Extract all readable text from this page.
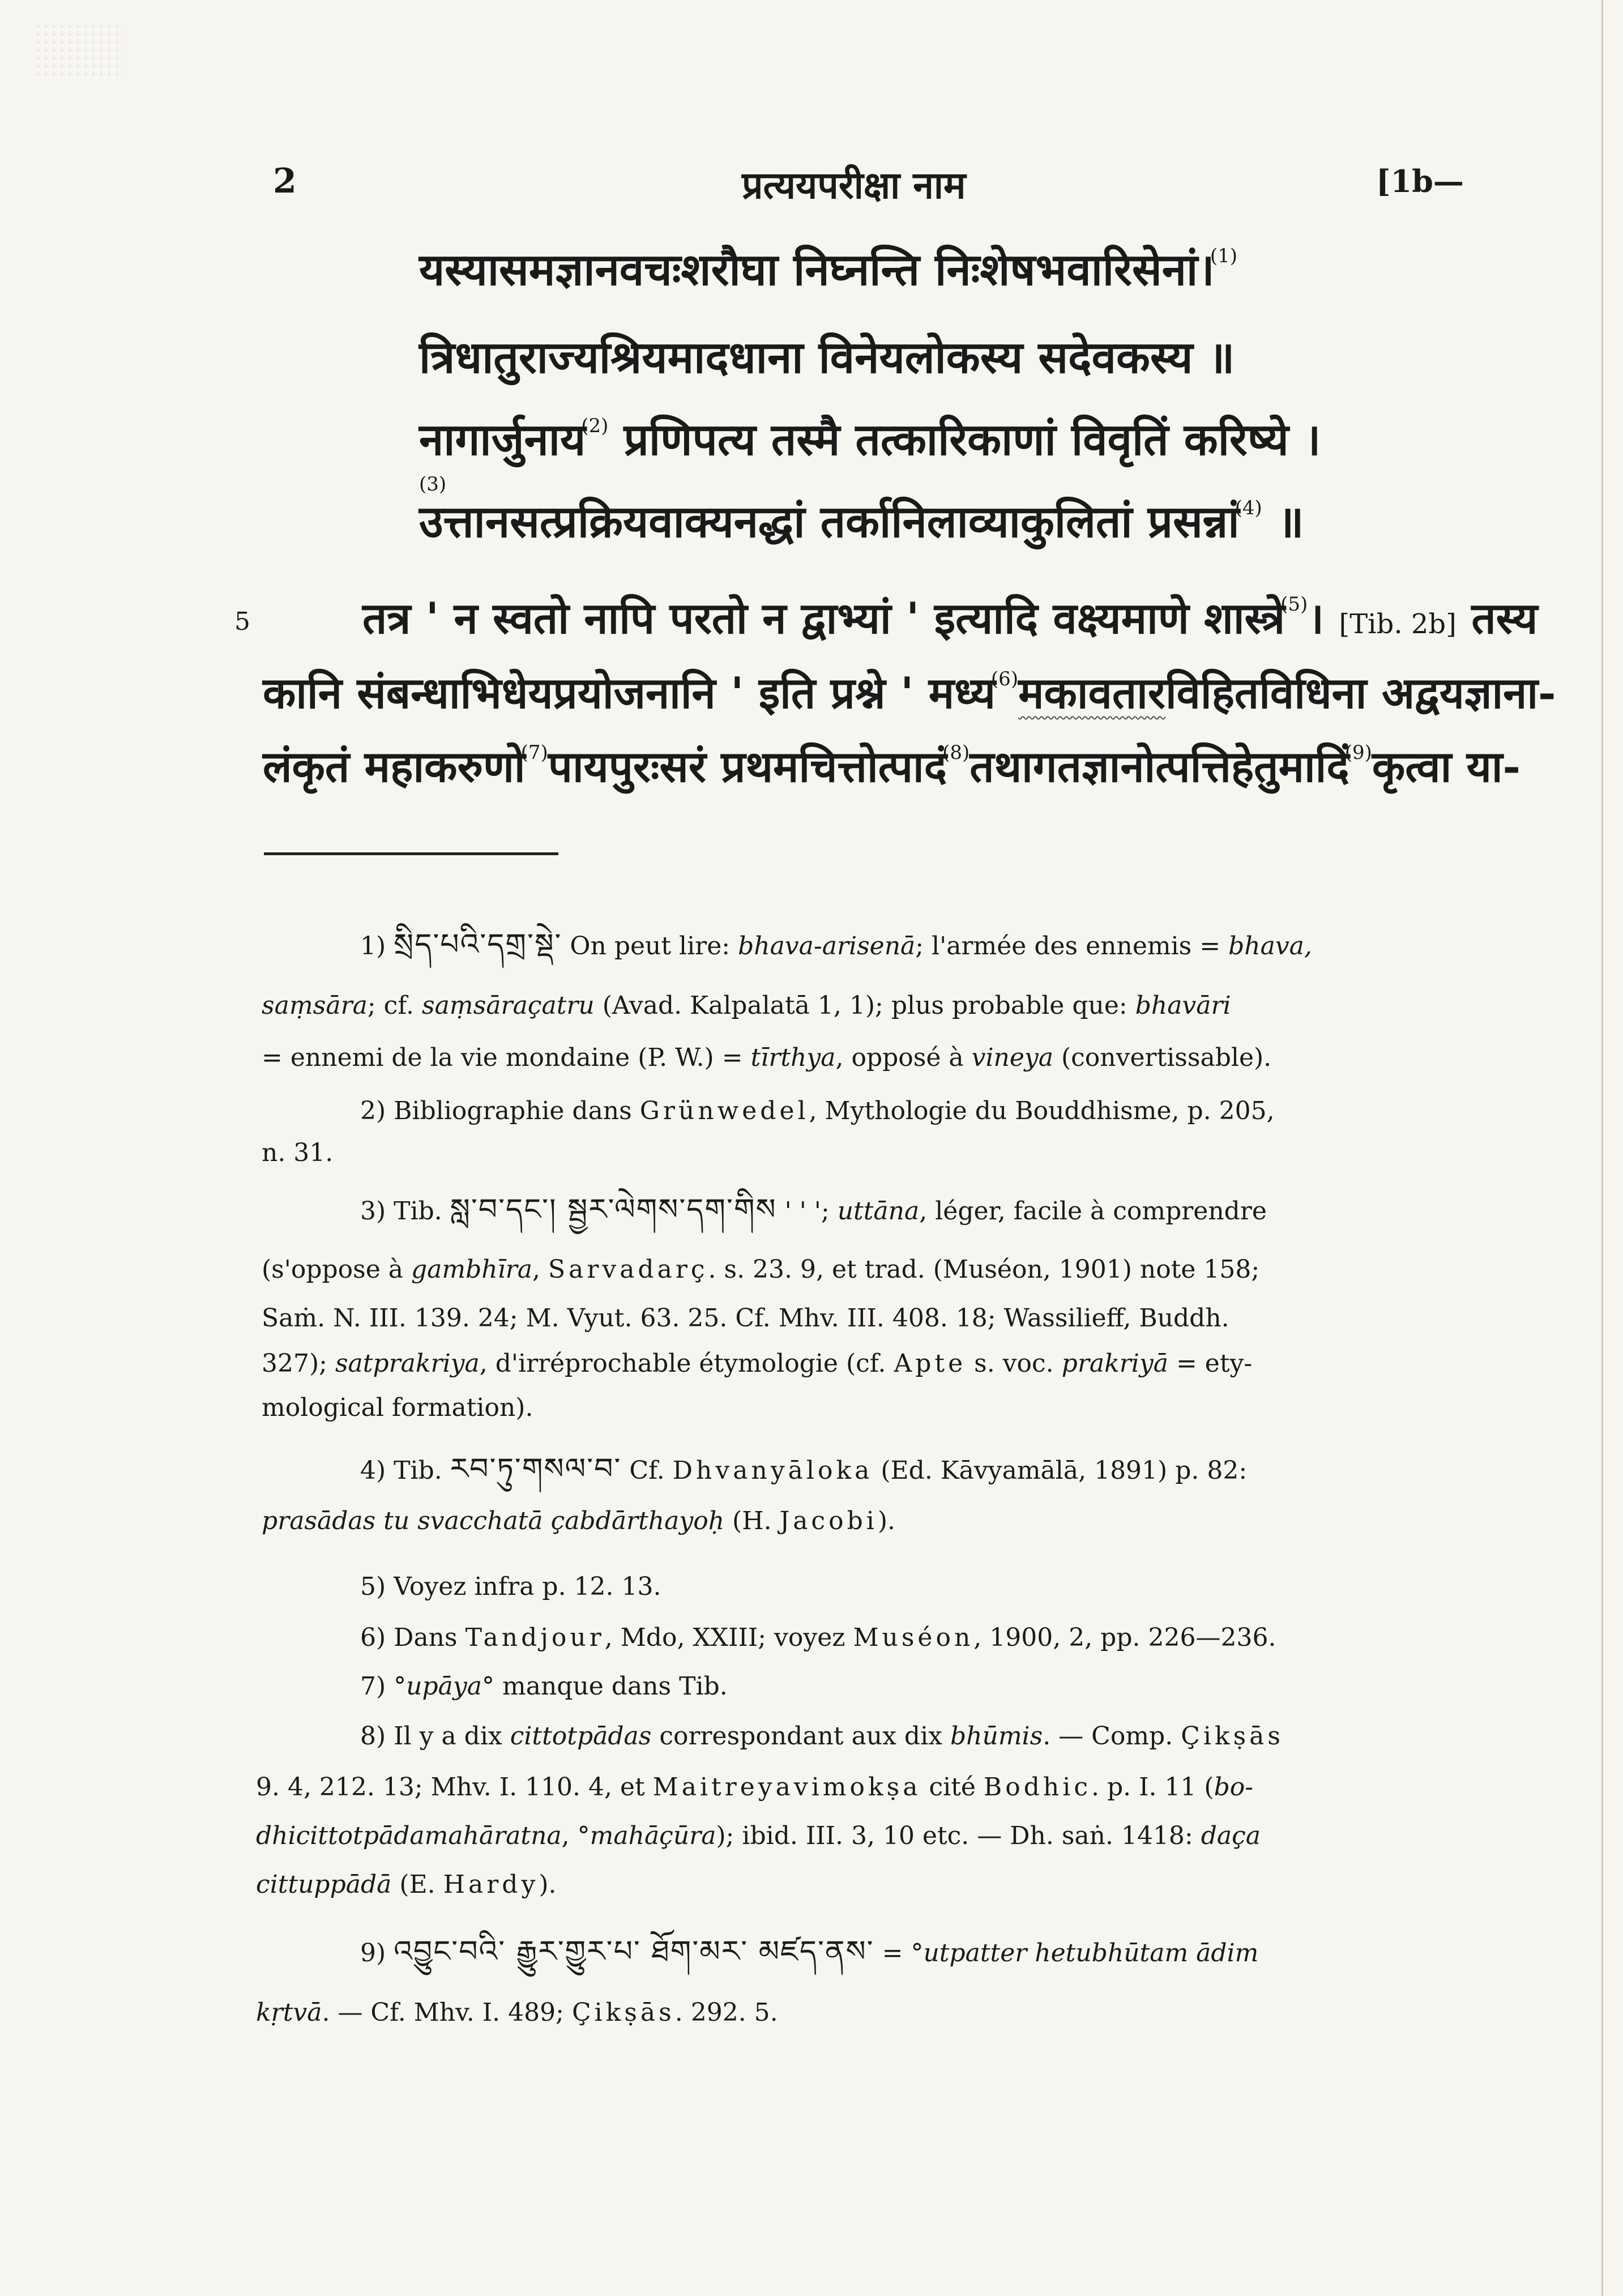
2	प्रत्ययपरीक्षा नाम	[1b—
यस्यासमज्ञानवचःशरौघा निघ्नन्ति निःशेषभवारिसेनां।$^{(1)}$
त्रिधातुराज्यश्रियमादधाना विनेयलोकस्य सदेवकस्य ॥
नागार्जुनाय$^{(2)}$ प्रणिपत्य तस्मै तत्कारिकाणां विवृतिं करिष्ये ।
(3)
उत्तानसत्प्रक्रियवाक्यनद्धां तर्कानिलाव्याकुलितां प्रसन्नां$^{(4)}$ ॥
5	तत्र ' न स्वतो नापि परतो न द्वाभ्यां ' इत्यादि वक्ष्यमाणे शास्त्रे$^{(5)}$। [Tib. 2b] तस्य
कानि संबन्धाभिधेयप्रयोजनानि ' इति प्रश्ने ' मध्य$^{(6)}$मकावतारविहितविधिना अद्वयज्ञाना-
लंकृतं महाकरुणो$^{(7)}$पायपुरःसरं प्रथमचित्तोत्पादं$^{(8)}$तथागतज्ञानोत्पत्तिहेतुमादिं$^{(9)}$कृत्वा या-
1) སྲིད་པའི་དགྲ་སྡེ་ On peut lire: bhava-arisenā; l'armée des ennemis = bhava,
saṃsāra; cf. saṃsāraçatru (Avad. Kalpalatā 1, 1); plus probable que: bhavāri
= ennemi de la vie mondaine (P. W.) = tīrthya, opposé à vineya (convertissable).
2) Bibliographie dans Grünwedel, Mythologie du Bouddhisme, p. 205,
n. 31.
3) Tib. སླ་བ་དང་། སྦྱར་ལེགས་དག་གིས ' ' '; uttāna, léger, facile à comprendre
(s'oppose à gambhīra, Sarvadarç. s. 23. 9, et trad. (Muséon, 1901) note 158;
Saṁ. N. III. 139. 24; M. Vyut. 63. 25. Cf. Mhv. III. 408. 18; Wassilieff, Buddh.
327); satprakriya, d'irréprochable étymologie (cf. Apte s. voc. prakriyā = ety-
mological formation).
4) Tib. རབ་ཏུ་གསལ་བ་ Cf. Dhvanyāloka (Ed. Kāvyamālā, 1891) p. 82:
prasādas tu svacchatā çabdārthayoḥ (H. Jacobi).
5) Voyez infra p. 12. 13.
6) Dans Tandjour, Mdo, XXIII; voyez Muséon, 1900, 2, pp. 226—236.
7) °upāya° manque dans Tib.
8) Il y a dix cittotpādas correspondant aux dix bhūmis. — Comp. Çikṣās
9. 4, 212. 13; Mhv. I. 110. 4, et Maitreyavimokṣa cité Bodhic. p. I. 11 (bo-
dhicittotpādamahāratna, °mahāçūra); ibid. III. 3, 10 etc. — Dh. saṅ. 1418: daça
cittuppādā (E. Hardy).
9) འབྱུང་བའི་ རྒྱུར་གྱུར་པ་ ཐོག་མར་ མཛད་ནས་ = °utpatter hetubhūtam ādim
kṛtvā. — Cf. Mhv. I. 489; Çikṣās. 292. 5.
